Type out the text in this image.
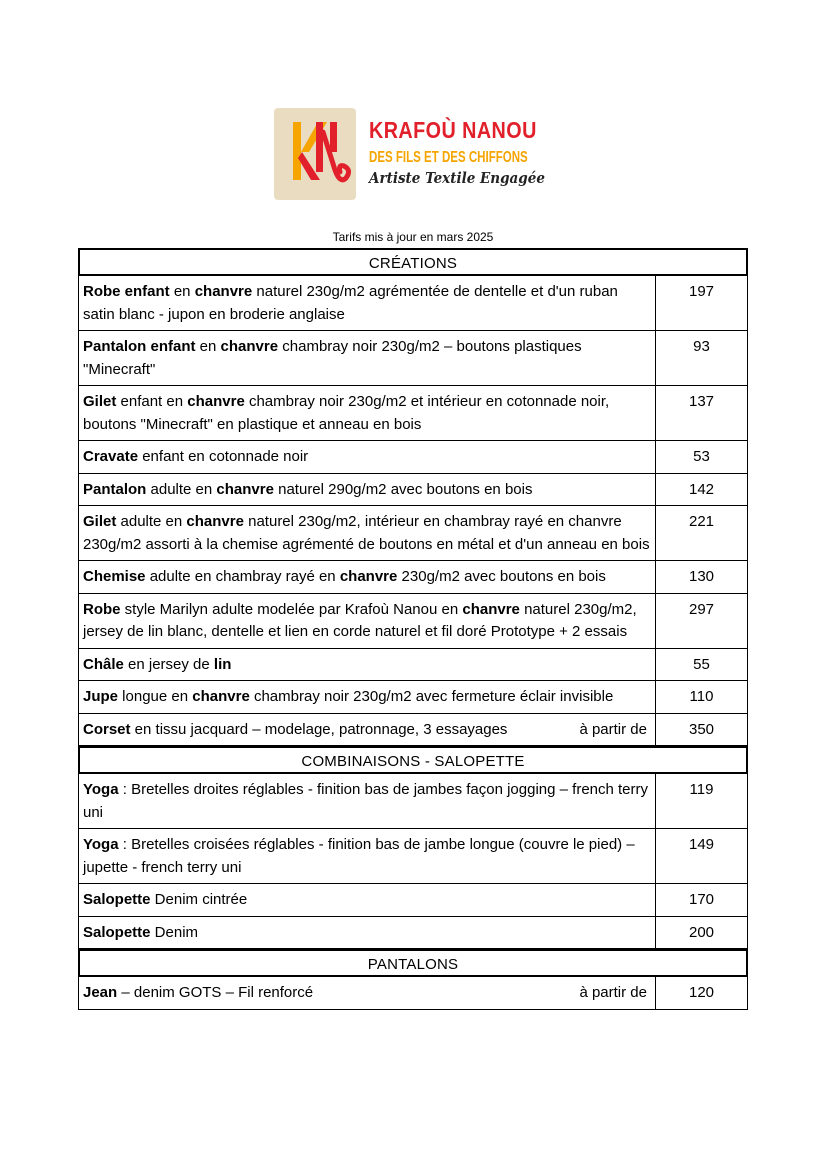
KRAFOÙ NANOU
DES FILS ET DES CHIFFONS
Artiste Textile Engagée
Tarifs mis à jour en mars 2025
CRÉATIONS
Robe enfant en chanvre naturel 230g/m2 agrémentée de dentelle et d'un ruban satin blanc - jupon en broderie anglaise
197
Pantalon enfant en chanvre chambray noir 230g/m2 – boutons plastiques "Minecraft"
93
Gilet enfant en chanvre chambray noir 230g/m2 et intérieur en cotonnade noir, boutons "Minecraft" en plastique et anneau en bois
137
Cravate enfant en cotonnade noir	53
Pantalon adulte en chanvre naturel 290g/m2 avec boutons en bois	142
Gilet adulte en chanvre naturel 230g/m2, intérieur en chambray rayé en chanvre 230g/m2 assorti à la chemise agrémenté de boutons en métal et d'un anneau en bois
221
Chemise adulte en chambray rayé en chanvre 230g/m2 avec boutons en bois	130
Robe style Marilyn adulte modelée par Krafoù Nanou en chanvre naturel 230g/m2, jersey de lin blanc, dentelle et lien en corde naturel et fil doré Prototype + 2 essais
297
Châle en jersey de lin	55
Jupe longue en chanvre chambray noir 230g/m2 avec fermeture éclair invisible	110
Corset en tissu jacquard – modelage, patronnage, 3 essayages	à partir de	350
COMBINAISONS - SALOPETTE
Yoga : Bretelles droites réglables - finition bas de jambes façon jogging – french terry uni
119
Yoga : Bretelles croisées réglables - finition bas de jambe longue (couvre le pied) – jupette - french terry uni
149
Salopette Denim cintrée	170
Salopette Denim	200
PANTALONS
Jean – denim GOTS – Fil renforcé	à partir de	120
